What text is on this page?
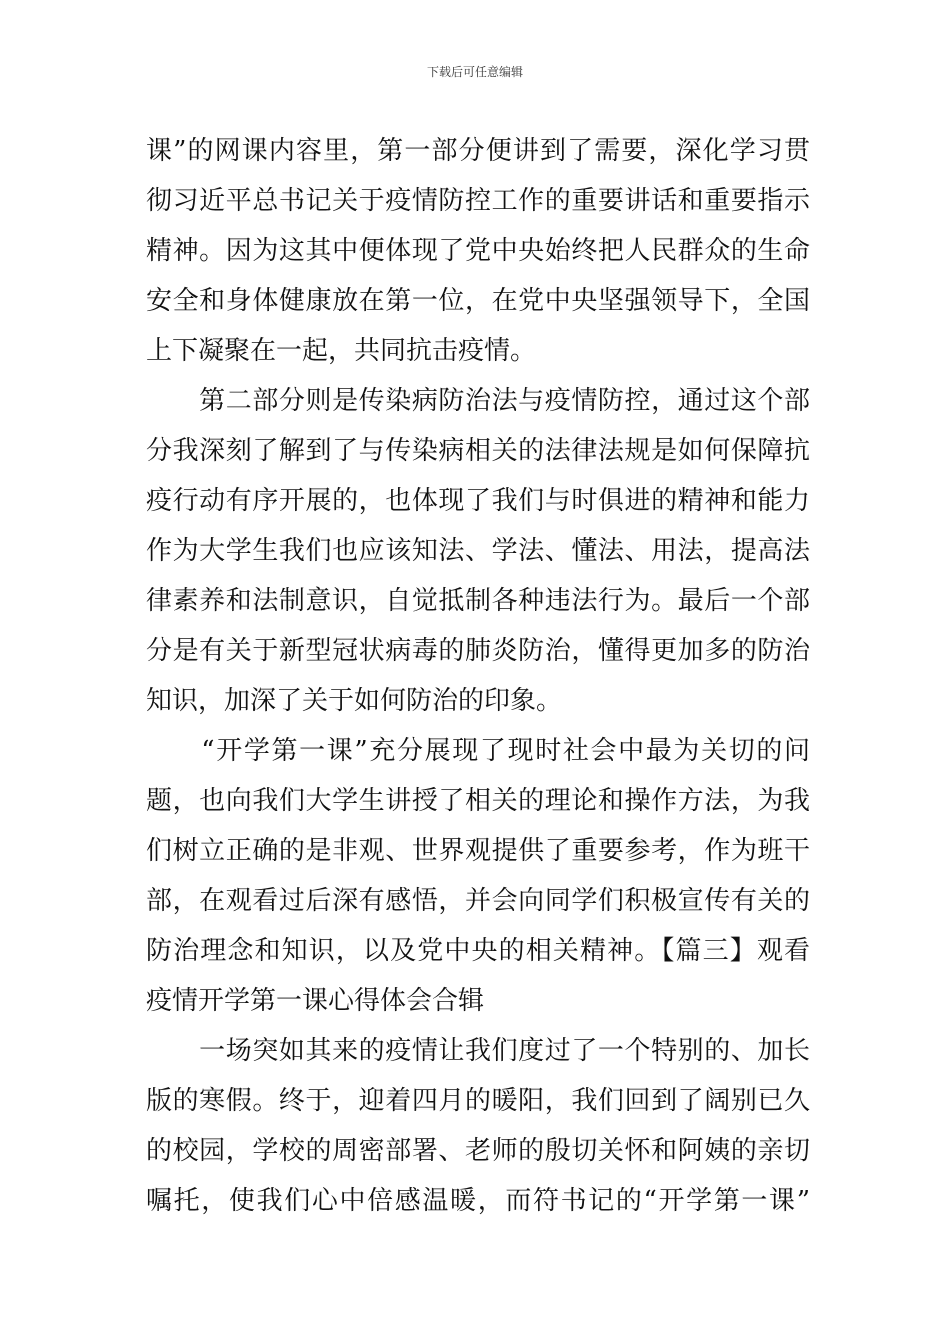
下载后可任意编辑
课”的网课内容里，第一部分便讲到了需要，深化学习贯
彻习近平总书记关于疫情防控工作的重要讲话和重要指示
精神。因为这其中便体现了党中央始终把人民群众的生命
安全和身体健康放在第一位，在党中央坚强领导下，全国
上下凝聚在一起，共同抗击疫情。
　　第二部分则是传染病防治法与疫情防控，通过这个部
分我深刻了解到了与传染病相关的法律法规是如何保障抗
疫行动有序开展的，也体现了我们与时俱进的精神和能力
作为大学生我们也应该知法、学法、懂法、用法，提高法
律素养和法制意识，自觉抵制各种违法行为。最后一个部
分是有关于新型冠状病毒的肺炎防治，懂得更加多的防治
知识，加深了关于如何防治的印象。
　　“开学第一课”充分展现了现时社会中最为关切的问
题，也向我们大学生讲授了相关的理论和操作方法，为我
们树立正确的是非观、世界观提供了重要参考，作为班干
部，在观看过后深有感悟，并会向同学们积极宣传有关的
防治理念和知识，以及党中央的相关精神。【篇三】观看
疫情开学第一课心得体会合辑
　　一场突如其来的疫情让我们度过了一个特别的、加长
版的寒假。终于，迎着四月的暖阳，我们回到了阔别已久
的校园，学校的周密部署、老师的殷切关怀和阿姨的亲切
嘱托，使我们心中倍感温暖，而符书记的“开学第一课”
